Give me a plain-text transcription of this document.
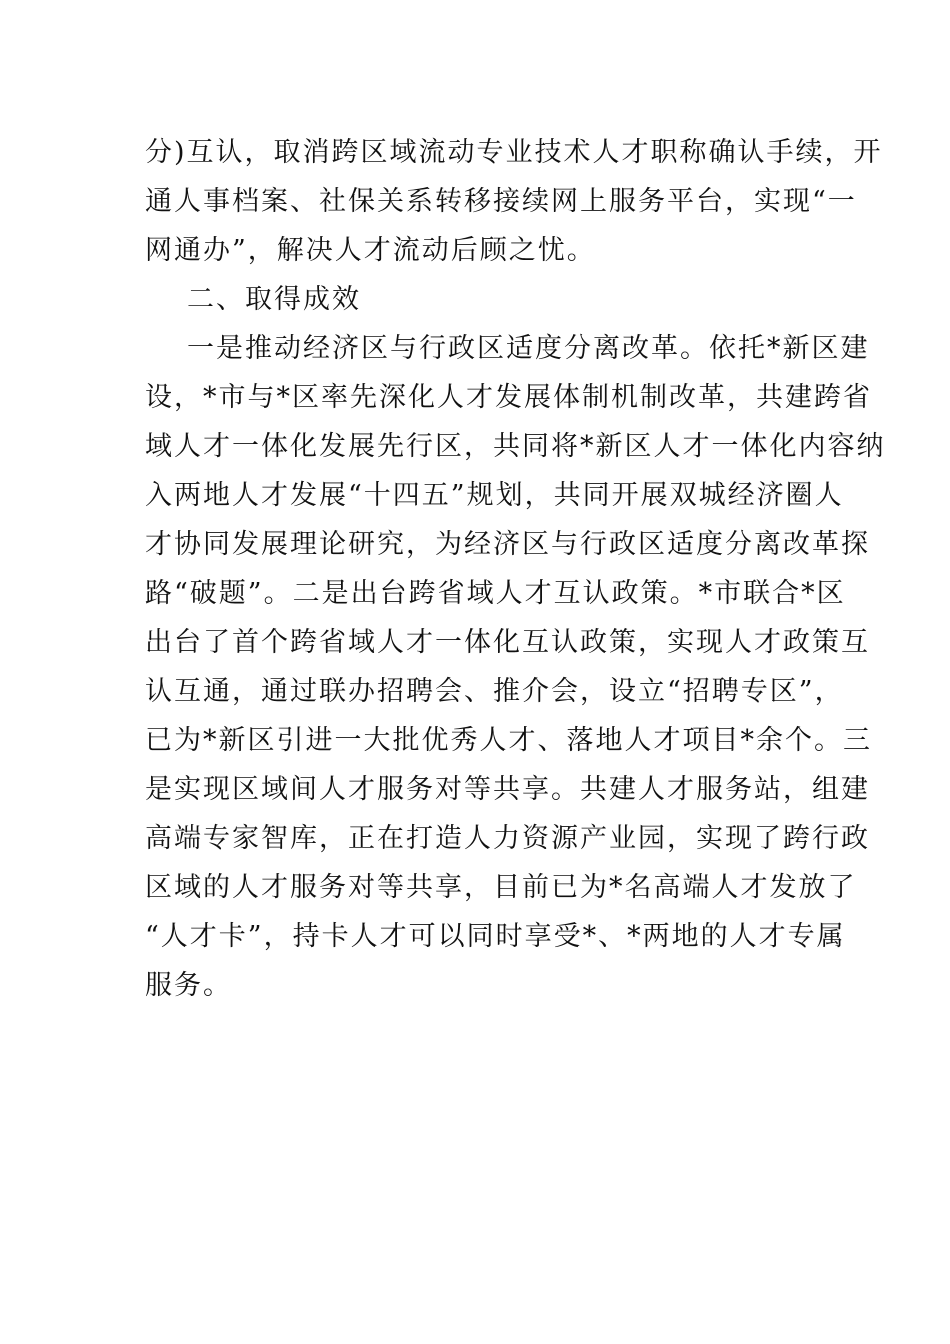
分)互认，取消跨区域流动专业技术人才职称确认手续，开
通人事档案、社保关系转移接续网上服务平台，实现“一
网通办”，解决人才流动后顾之忧。
二、取得成效
一是推动经济区与行政区适度分离改革。依托*新区建
设，*市与*区率先深化人才发展体制机制改革，共建跨省
域人才一体化发展先行区，共同将*新区人才一体化内容纳
入两地人才发展“十四五”规划，共同开展双城经济圈人
才协同发展理论研究，为经济区与行政区适度分离改革探
路“破题”。二是出台跨省域人才互认政策。*市联合*区
出台了首个跨省域人才一体化互认政策，实现人才政策互
认互通，通过联办招聘会、推介会，设立“招聘专区”，
已为*新区引进一大批优秀人才、落地人才项目*余个。三
是实现区域间人才服务对等共享。共建人才服务站，组建
高端专家智库，正在打造人力资源产业园，实现了跨行政
区域的人才服务对等共享，目前已为*名高端人才发放了
“人才卡”，持卡人才可以同时享受*、*两地的人才专属
服务。
